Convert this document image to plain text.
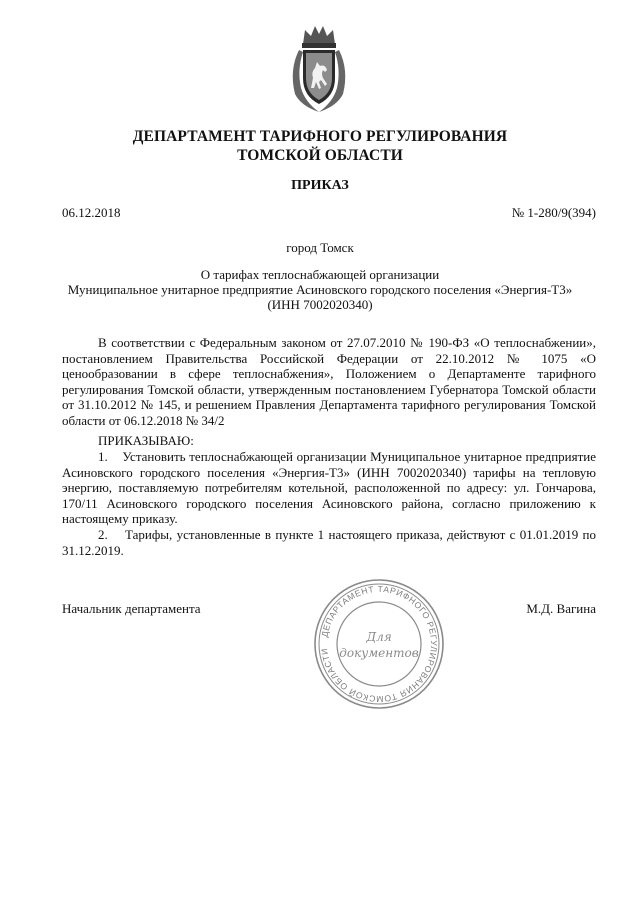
ДЕПАРТАМЕНТ ТАРИФНОГО РЕГУЛИРОВАНИЯ
ТОМСКОЙ ОБЛАСТИ
ПРИКАЗ
06.12.2018	№ 1-280/9(394)
город Томск
О тарифах теплоснабжающей организации
Муниципальное унитарное предприятие Асиновского городского поселения «Энергия-Т3»
(ИНН 7002020340)
В соответствии с Федеральным законом от 27.07.2010 № 190-ФЗ «О теплоснабжении», постановлением Правительства Российской Федерации от 22.10.2012 № 1075 «О ценообразовании в сфере теплоснабжения», Положением о Департаменте тарифного регулирования Томской области, утвержденным постановлением Губернатора Томской области от 31.10.2012 № 145, и решением Правления Департамента тарифного регулирования Томской области от 06.12.2018 № 34/2
ПРИКАЗЫВАЮ:
1.    Установить теплоснабжающей организации Муниципальное унитарное предприятие Асиновского городского поселения «Энергия-Т3» (ИНН 7002020340) тарифы на тепловую энергию, поставляемую потребителям котельной, расположенной по адресу: ул. Гончарова, 170/11 Асиновского городского поселения Асиновского района, согласно приложению к настоящему приказу.
2.    Тарифы, установленные в пункте 1 настоящего приказа, действуют с 01.01.2019 по 31.12.2019.
Начальник департамента	М.Д. Вагина
ДЕПАРТАМЕНТ ТАРИФНОГО РЕГУЛИРОВАНИЯ ТОМСКОЙ ОБЛАСТИ
Для
документов
